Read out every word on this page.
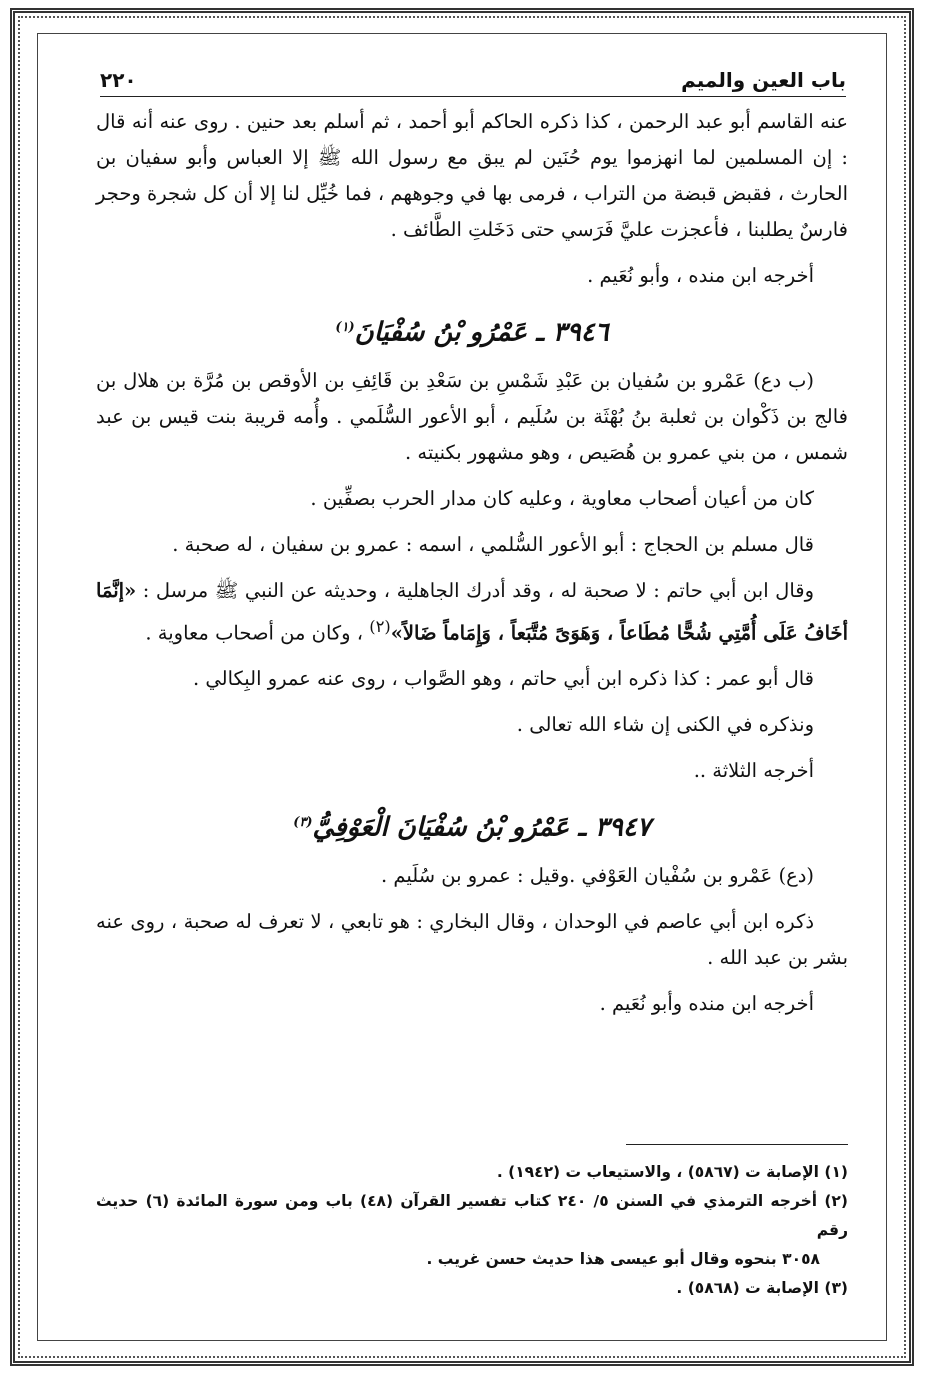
باب العين والميم
٢٢٠

عنه القاسم أبو عبد الرحمن ، كذا ذكره الحاكم أبو أحمد ، ثم أسلم بعد حنين . روى عنه أنه قال : إن المسلمين لما انهزموا يوم حُنَين لم يبق مع رسول الله ﷺ إلا العباس وأبو سفيان بن الحارث ، فقبض قبضة من التراب ، فرمى بها في وجوههم ، فما خُيِّل لنا إلا أن كل شجرة وحجر فارسٌ يطلبنا ، فأعجزت عليَّ فَرَسي حتى دَخَلتِ الطَّائف .

أخرجه ابن منده ، وأبو نُعَيم .

٣٩٤٦ ـ عَمْرُو بْنُ سُفْيَانَ$^{(١)}$

(ب دع) عَمْرو بن سُفيان بن عَبْدِ شَمْسِ بن سَعْدِ بن قَائِفِ بن الأوقص بن مُرَّة بن هلال بن فالج بن ذَكْوان بن ثعلبة بنُ بُهْثَة بن سُلَيم ، أبو الأعور السُّلَمي . وأُمه قريبة بنت قيس بن عبد شمس ، من بني عمرو بن هُصَيص ، وهو مشهور بكنيته .

كان من أعيان أصحاب معاوية ، وعليه كان مدار الحرب بصفِّين .

قال مسلم بن الحجاج : أبو الأعور السُّلمي ، اسمه : عمرو بن سفيان ، له صحبة .

وقال ابن أبي حاتم : لا صحبة له ، وقد أدرك الجاهلية ، وحديثه عن النبي ﷺ مرسل : «إنَّمَا أخَافُ عَلَى أُمَّتِي شُحًّا مُطَاعاً ، وَهَوَىً مُتَّبَعاً ، وَإِمَاماً ضَالاً»$^{(٢)}$ ، وكان من أصحاب معاوية .

قال أبو عمر : كذا ذكره ابن أبي حاتم ، وهو الصَّواب ، روى عنه عمرو البِكالي .

ونذكره في الكنى إن شاء الله تعالى .

أخرجه الثلاثة ..

٣٩٤٧ ـ عَمْرُو بْنُ سُفْيَانَ الْعَوْفِيُّ$^{(٣)}$

(دع) عَمْرو بن سُفْيان العَوْفي .وقيل : عمرو بن سُلَيم .

ذكره ابن أبي عاصم في الوحدان ، وقال البخاري : هو تابعي ، لا تعرف له صحبة ، روى عنه بشر بن عبد الله .

أخرجه ابن منده وأبو نُعَيم .

(١) الإصابة ت (٥٨٦٧) ، والاستيعاب ت (١٩٤٢) .

(٢) أخرجه الترمذي في السنن ٥/ ٢٤٠ كتاب تفسير القرآن (٤٨) باب ومن سورة المائدة (٦) حديث رقم

٣٠٥٨ بنحوه وقال أبو عيسى هذا حديث حسن غريب .

(٣) الإصابة ت (٥٨٦٨) .
